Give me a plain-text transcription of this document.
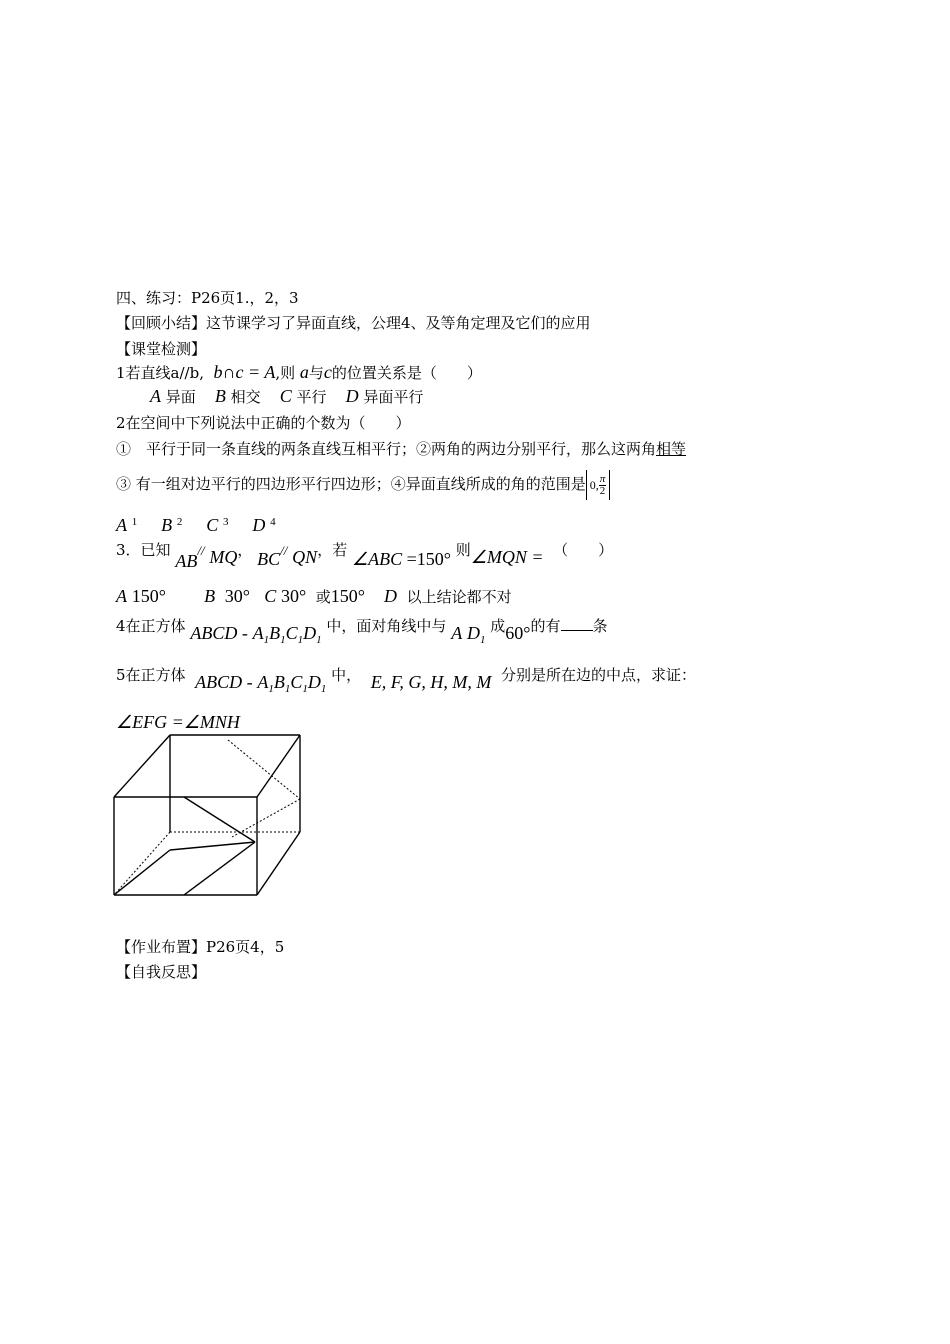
四、练习：P26页1.，2，3
【回顾小结】这节课学习了异面直线，公理4、及等角定理及它们的应用
【课堂检测】
1若直线a//b, b∩c = A,则 a与c的位置关系是（　　）
A 异面 B 相交 C 平行 D 异面平行
2在空间中下列说法中正确的个数为（　　）
①　平行于同一条直线的两条直线互相平行；②两角的两边分别平行，那么这两角相等
③ 有一组对边平行的四边形平行四边形；④异面直线所成的角的范围是 0, $\frac{\pi}{2}$
A $^1$ B $^2$ C $^3$ D $^4$
3．已知 AB// MQ， BC// QN，若 ∠ABC =150° 则∠MQN = （　　）
A 150° B 30° C 30° 或150° D 以上结论都不对
4在正方体 ABCD - $A_1B_1C_1D_1$ 中，面对角线中与 A $D_1$ 成60°的有 条
5在正方体 ABCD - $A_1B_1C_1D_1$ 中， E, F, G, H, M, M 分别是所在边的中点，求证：
∠EFG =∠MNH
【作业布置】P26页4，5
【自我反思】
